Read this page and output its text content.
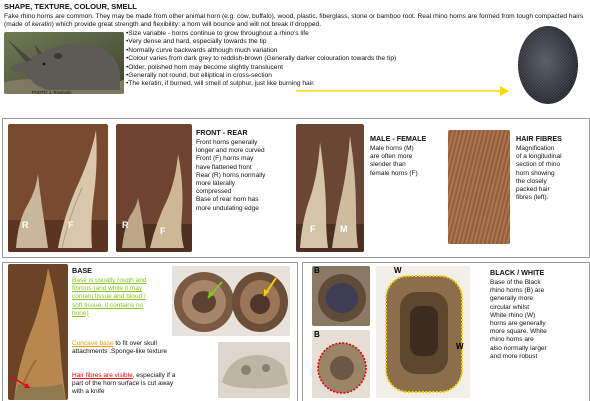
SHAPE, TEXTURE, COLOUR, SMELL
Fake rhino horns are common. They may be made from other animal horn (e.g. cow, buffalo), wood, plastic, fiberglass, stone or bamboo root. Real rhino horns are formed from tough compacted hairs (made of keratin) which provide great strength and flexibility: a horn will bounce and will not break if dropped.
PHOTO: J. Rosmarin
•Size variable - horns continue to grow throughout a rhino's life
•Very dense and hard, especially towards the tip
•Normally curve backwards although much variation
•Colour varies from dark grey to reddish-brown (Generally darker colouration towards the tip)
•Older, polished horn may become slightly translucent
•Generally not round, but elliptical in cross-section
•The keratin, if burned, will smell of sulphur, just like burning hair.
R	F	R
F
FRONT - REAR
Front horns generally
longer and more curved
Front (F) horns may
have flattened front
Rear (R) horns normally
more laterally
compressed
Base of rear horn has
more undulating edge
F	M
MALE - FEMALE
Male horns (M)
are often more
slender than
female horns (F)
HAIR FIBRES
Magnification
of a longitudinal
section of rhino
horn showing
the closely
packed hair
fibres (left).
BASE
Base is usually rough and
fibrous (and while it may
contain tissue and blood /
soft tissue, it contains no
bone)
Concave base to fit over skull
attachments .Sponge-like texture
Hair fibres are visible, especially if a
part of the horn surface is cut away
with a knife
B
B
W
W
BLACK / WHITE
Base of the Black
rhino horns (B) are
generally more
circular whilst
White rhino (W)
horns are generally
more square. White
rhino horns are
also normally larger
and more robust
